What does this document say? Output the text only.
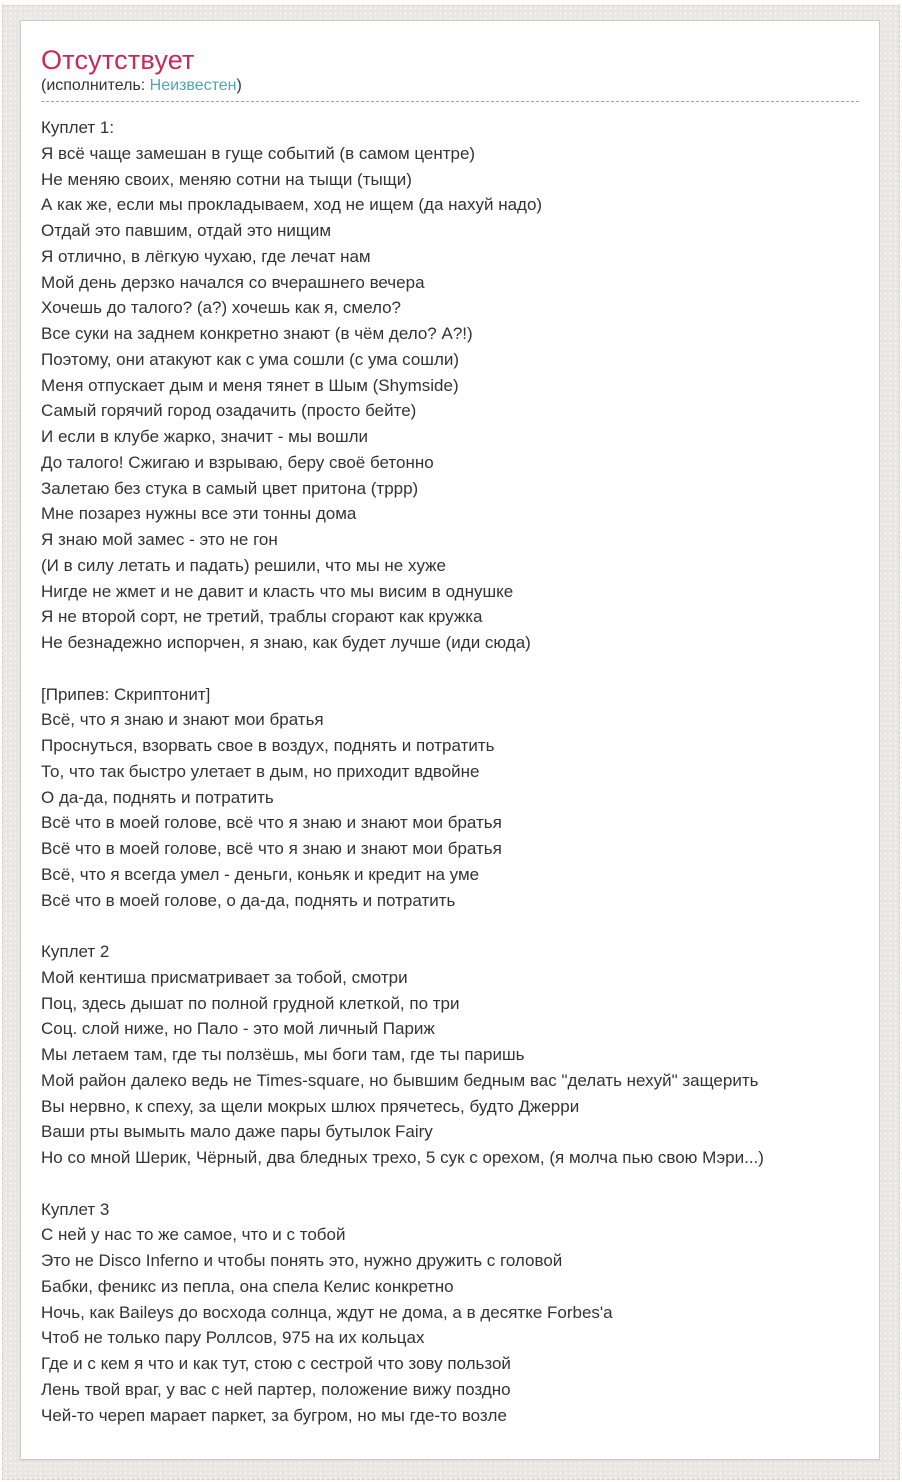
Отсутствует
(исполнитель: Неизвестен)
Куплет 1:
Я всё чаще замешан в гуще событий (в самом центре)
Не меняю своих, меняю сотни на тыщи (тыщи)
А как же, если мы прокладываем, ход не ищем (да нахуй надо)
Отдай это павшим, отдай это нищим
Я отлично, в лёгкую чухаю, где лечат нам
Мой день дерзко начался со вчерашнего вечера
Хочешь до талого? (а?) хочешь как я, смело?
Все суки на заднем конкретно знают (в чём дело? А?!)
Поэтому, они атакуют как с ума сошли (с ума сошли)
Меня отпускает дым и меня тянет в Шым (Shymside)
Самый горячий город озадачить (просто бейте)
И если в клубе жарко, значит - мы вошли
До талого! Сжигаю и взрываю, беру своё бетонно
Залетаю без стука в самый цвет притона (тррр)
Мне позарез нужны все эти тонны дома
Я знаю мой замес - это не гон
(И в силу летать и падать) решили, что мы не хуже
Нигде не жмет и не давит и класть что мы висим в однушке
Я не второй сорт, не третий, траблы сгорают как кружка
Не безнадежно испорчен, я знаю, как будет лучше (иди сюда)
[Припев: Скриптонит]
Всё, что я знаю и знают мои братья
Проснуться, взорвать свое в воздух, поднять и потратить
То, что так быстро улетает в дым, но приходит вдвойне
О да-да, поднять и потратить
Всё что в моей голове, всё что я знаю и знают мои братья
Всё что в моей голове, всё что я знаю и знают мои братья
Всё, что я всегда умел - деньги, коньяк и кредит на уме
Всё что в моей голове, о да-да, поднять и потратить
Куплет 2
Мой кентиша присматривает за тобой, смотри
Поц, здесь дышат по полной грудной клеткой, по три
Соц. слой ниже, но Пало - это мой личный Париж
Мы летаем там, где ты ползёшь, мы боги там, где ты паришь
Мой район далеко ведь не Times-square, но бывшим бедным вас "делать нехуй" защерить
Вы нервно, к спеху, за щели мокрых шлюх прячетесь, будто Джерри
Ваши рты вымыть мало даже пары бутылок Fairy
Но со мной Шерик, Чёрный, два бледных трехо, 5 сук с орехом, (я молча пью свою Мэри...)
Куплет 3
С ней у нас то же самое, что и с тобой
Это не Disco Inferno и чтобы понять это, нужно дружить с головой
Бабки, феникс из пепла, она спела Келис конкретно
Ночь, как Baileys до восхода солнца, ждут не дома, а в десятке Forbes'а
Чтоб не только пару Роллсов, 975 на их кольцах
Где и с кем я что и как тут, стою с сестрой что зову пользой
Лень твой враг, у вас с ней партер, положение вижу поздно
Чей-то череп марает паркет, за бугром, но мы где-то возле
